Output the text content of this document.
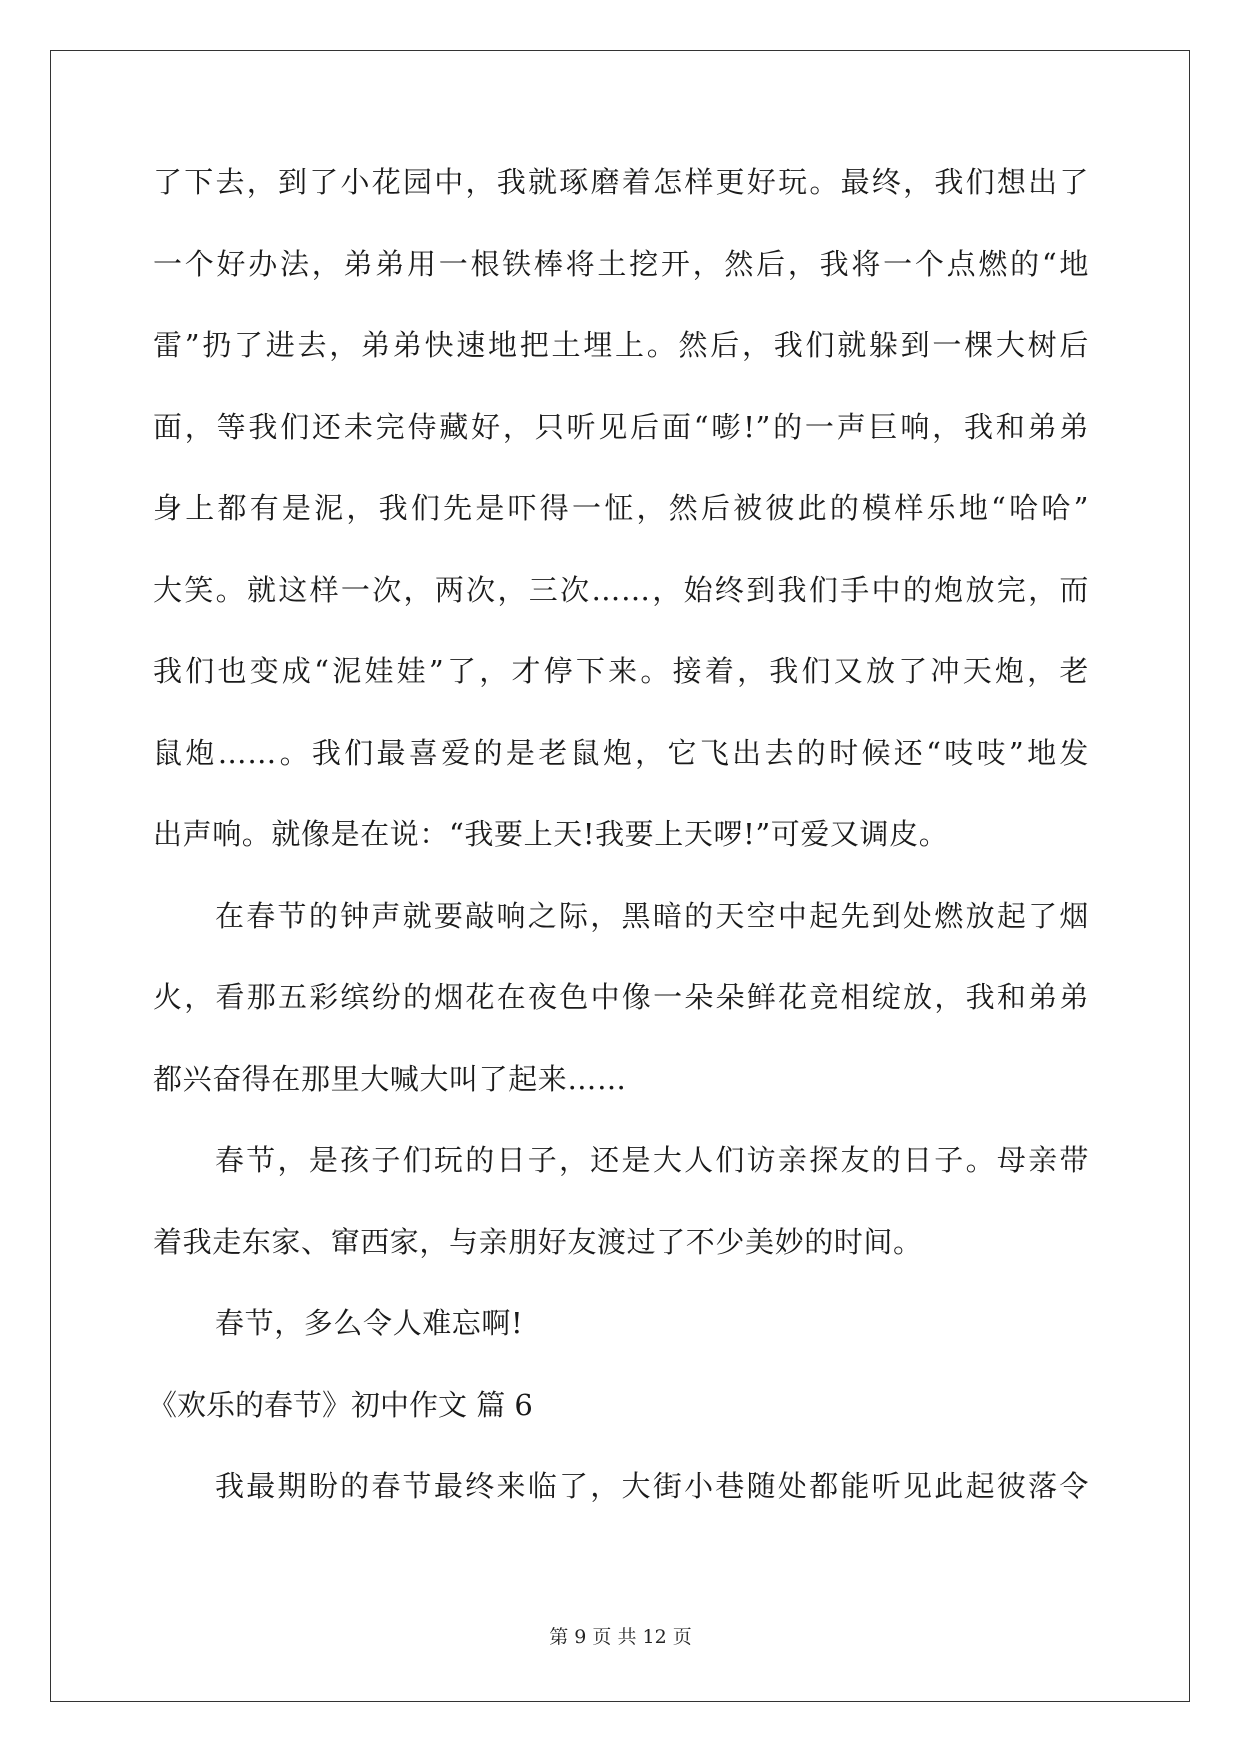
了下去，到了小花园中，我就琢磨着怎样更好玩。最终，我们想出了
一个好办法，弟弟用一根铁棒将土挖开，然后，我将一个点燃的“地
雷”扔了进去，弟弟快速地把土埋上。然后，我们就躲到一棵大树后
面，等我们还未完侍藏好，只听见后面“嘭!”的一声巨响，我和弟弟
身上都有是泥，我们先是吓得一怔，然后被彼此的模样乐地“哈哈”
大笑。就这样一次，两次，三次……，始终到我们手中的炮放完，而
我们也变成“泥娃娃”了，才停下来。接着，我们又放了冲天炮，老
鼠炮……。我们最喜爱的是老鼠炮，它飞出去的时候还“吱吱”地发
出声响。就像是在说：“我要上天!我要上天啰!”可爱又调皮。
在春节的钟声就要敲响之际，黑暗的天空中起先到处燃放起了烟
火，看那五彩缤纷的烟花在夜色中像一朵朵鲜花竞相绽放，我和弟弟
都兴奋得在那里大喊大叫了起来……
春节，是孩子们玩的日子，还是大人们访亲探友的日子。母亲带
着我走东家、窜西家，与亲朋好友渡过了不少美妙的时间。
春节，多么令人难忘啊!
《欢乐的春节》初中作文 篇 6
我最期盼的春节最终来临了，大街小巷随处都能听见此起彼落令
第 9 页 共 12 页
